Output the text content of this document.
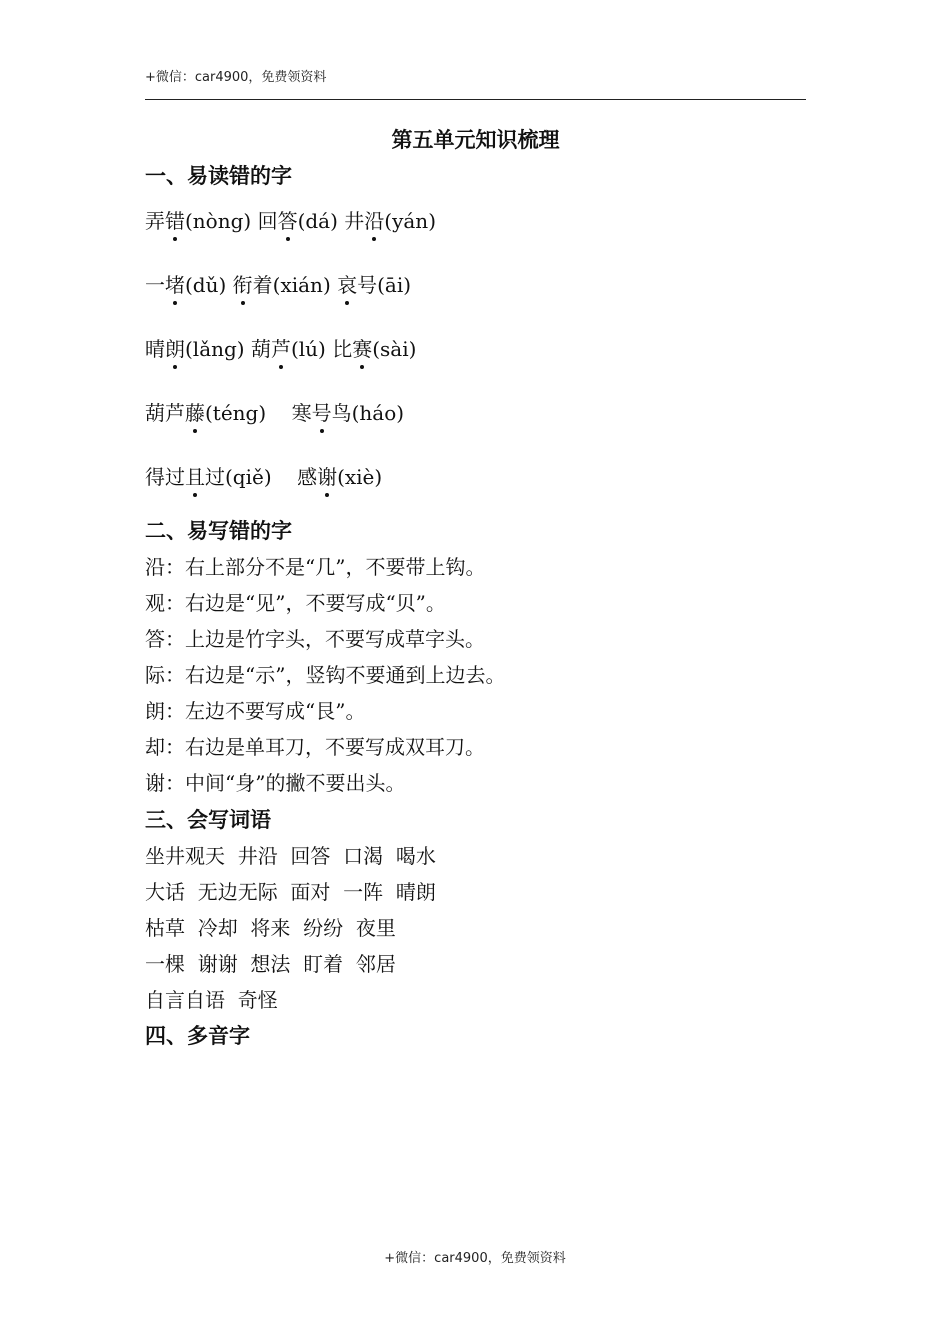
+微信：car4900，免费领资料
第五单元知识梳理
一、易读错的字
弄错(nòng) 回答(dá) 井沿(yán)
一堵(dǔ) 衔着(xián) 哀号(āi)
晴朗(lǎng) 葫芦(lú) 比赛(sài)
葫芦藤(téng) 寒号鸟(háo)
得过且过(qiě) 感谢(xiè)
二、易写错的字
沿：右上部分不是“几”，不要带上钩。
观：右边是“见”，不要写成“贝”。
答：上边是竹字头，不要写成草字头。
际：右边是“示”，竖钩不要通到上边去。
朗：左边不要写成“艮”。
却：右边是单耳刀，不要写成双耳刀。
谢：中间“身”的撇不要出头。
三、会写词语
坐井观天  井沿  回答  口渴  喝水
大话  无边无际  面对  一阵  晴朗
枯草  冷却  将来  纷纷  夜里
一棵  谢谢  想法  盯着  邻居
自言自语  奇怪
四、多音字
+微信：car4900，免费领资料
